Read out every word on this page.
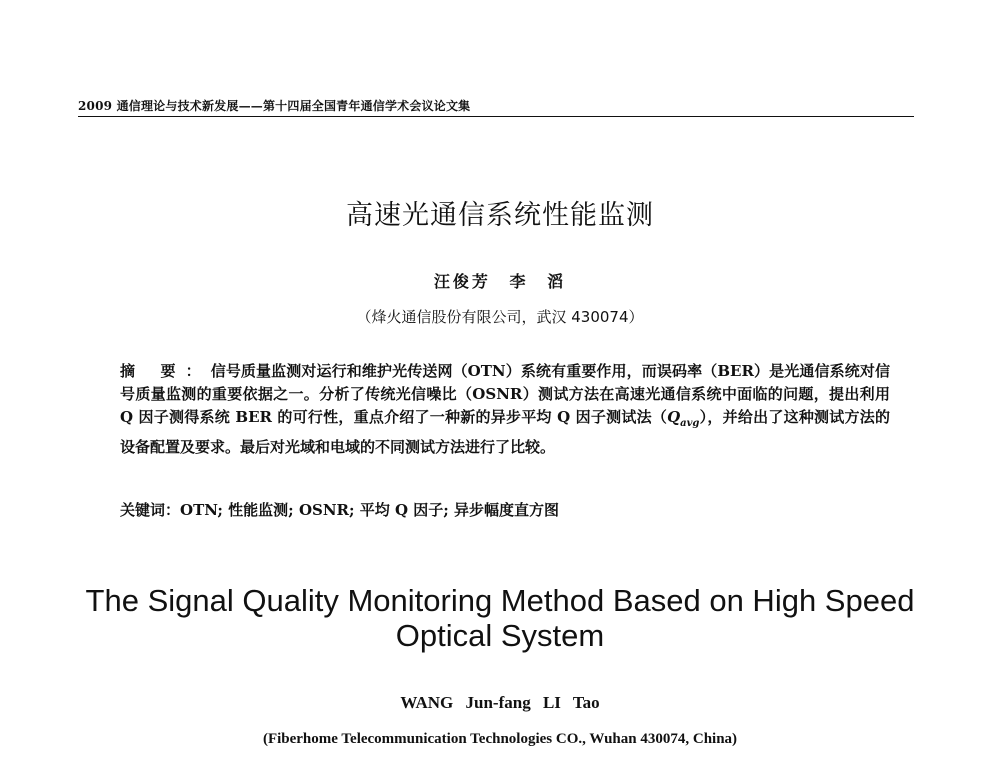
2009 通信理论与技术新发展——第十四届全国青年通信学术会议论文集
高速光通信系统性能监测
汪俊芳 李 滔
（烽火通信股份有限公司，武汉 430074）
摘 要：信号质量监测对运行和维护光传送网（OTN）系统有重要作用，而误码率（BER）是光通信系统对信号质量监测的重要依据之一。分析了传统光信噪比（OSNR）测试方法在高速光通信系统中面临的问题，提出利用 Q 因子测得系统 BER 的可行性，重点介绍了一种新的异步平均 Q 因子测试法$(Q_{avg})$，并给出了这种测试方法的设备配置及要求。最后对光域和电域的不同测试方法进行了比较。
关键词：OTN; 性能监测; OSNR; 平均 Q 因子; 异步幅度直方图
The Signal Quality Monitoring Method Based on High Speed Optical System
WANG Jun-fang LI Tao
(Fiberhome Telecommunication Technologies CO., Wuhan 430074, China)
